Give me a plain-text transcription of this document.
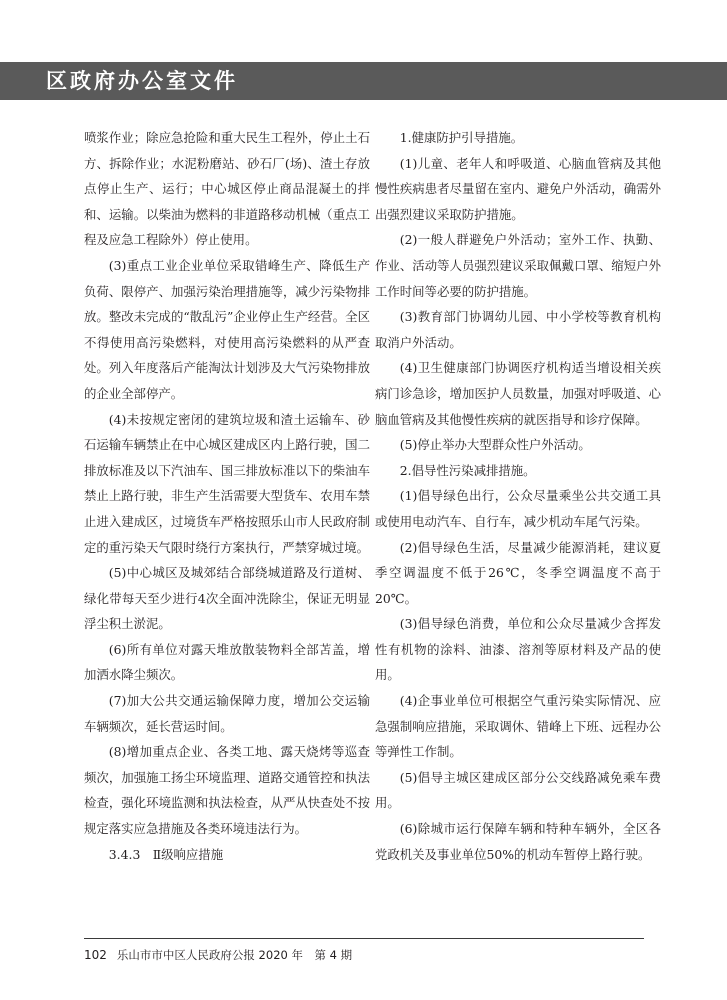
区政府办公室文件

喷浆作业；除应急抢险和重大民生工程外，停止土石方、拆除作业；水泥粉磨站、砂石厂(场)、渣土存放点停止生产、运行；中心城区停止商品混凝土的拌和、运输。以柴油为燃料的非道路移动机械（重点工程及应急工程除外）停止使用。

(3)重点工业企业单位采取错峰生产、降低生产负荷、限停产、加强污染治理措施等，减少污染物排放。整改未完成的“散乱污”企业停止生产经营。全区不得使用高污染燃料，对使用高污染燃料的从严查处。列入年度落后产能淘汰计划涉及大气污染物排放的企业全部停产。

(4)未按规定密闭的建筑垃圾和渣土运输车、砂石运输车辆禁止在中心城区建成区内上路行驶，国二排放标准及以下汽油车、国三排放标准以下的柴油车禁止上路行驶，非生产生活需要大型货车、农用车禁止进入建成区，过境货车严格按照乐山市人民政府制定的重污染天气限时绕行方案执行，严禁穿城过境。

(5)中心城区及城郊结合部绕城道路及行道树、绿化带每天至少进行4次全面冲洗除尘，保证无明显浮尘积土淤泥。

(6)所有单位对露天堆放散装物料全部苫盖，增加洒水降尘频次。

(7)加大公共交通运输保障力度，增加公交运输车辆频次，延长营运时间。

(8)增加重点企业、各类工地、露天烧烤等巡查频次，加强施工扬尘环境监理、道路交通管控和执法检查，强化环境监测和执法检查，从严从快查处不按规定落实应急措施及各类环境违法行为。

3.4.3　Ⅱ级响应措施

1.健康防护引导措施。

(1)儿童、老年人和呼吸道、心脑血管病及其他慢性疾病患者尽量留在室内、避免户外活动，确需外出强烈建议采取防护措施。

(2)一般人群避免户外活动；室外工作、执勤、作业、活动等人员强烈建议采取佩戴口罩、缩短户外工作时间等必要的防护措施。

(3)教育部门协调幼儿园、中小学校等教育机构取消户外活动。

(4)卫生健康部门协调医疗机构适当增设相关疾病门诊急诊，增加医护人员数量，加强对呼吸道、心脑血管病及其他慢性疾病的就医指导和诊疗保障。

(5)停止举办大型群众性户外活动。

2.倡导性污染减排措施。

(1)倡导绿色出行，公众尽量乘坐公共交通工具或使用电动汽车、自行车，减少机动车尾气污染。

(2)倡导绿色生活，尽量减少能源消耗，建议夏季空调温度不低于26℃，冬季空调温度不高于20℃。

(3)倡导绿色消费，单位和公众尽量减少含挥发性有机物的涂料、油漆、溶剂等原材料及产品的使用。

(4)企事业单位可根据空气重污染实际情况、应急强制响应措施，采取调休、错峰上下班、远程办公等弹性工作制。

(5)倡导主城区建成区部分公交线路减免乘车费用。

(6)除城市运行保障车辆和特种车辆外，全区各党政机关及事业单位50%的机动车暂停上路行驶。

102 乐山市市中区人民政府公报 2020 年　第 4 期
